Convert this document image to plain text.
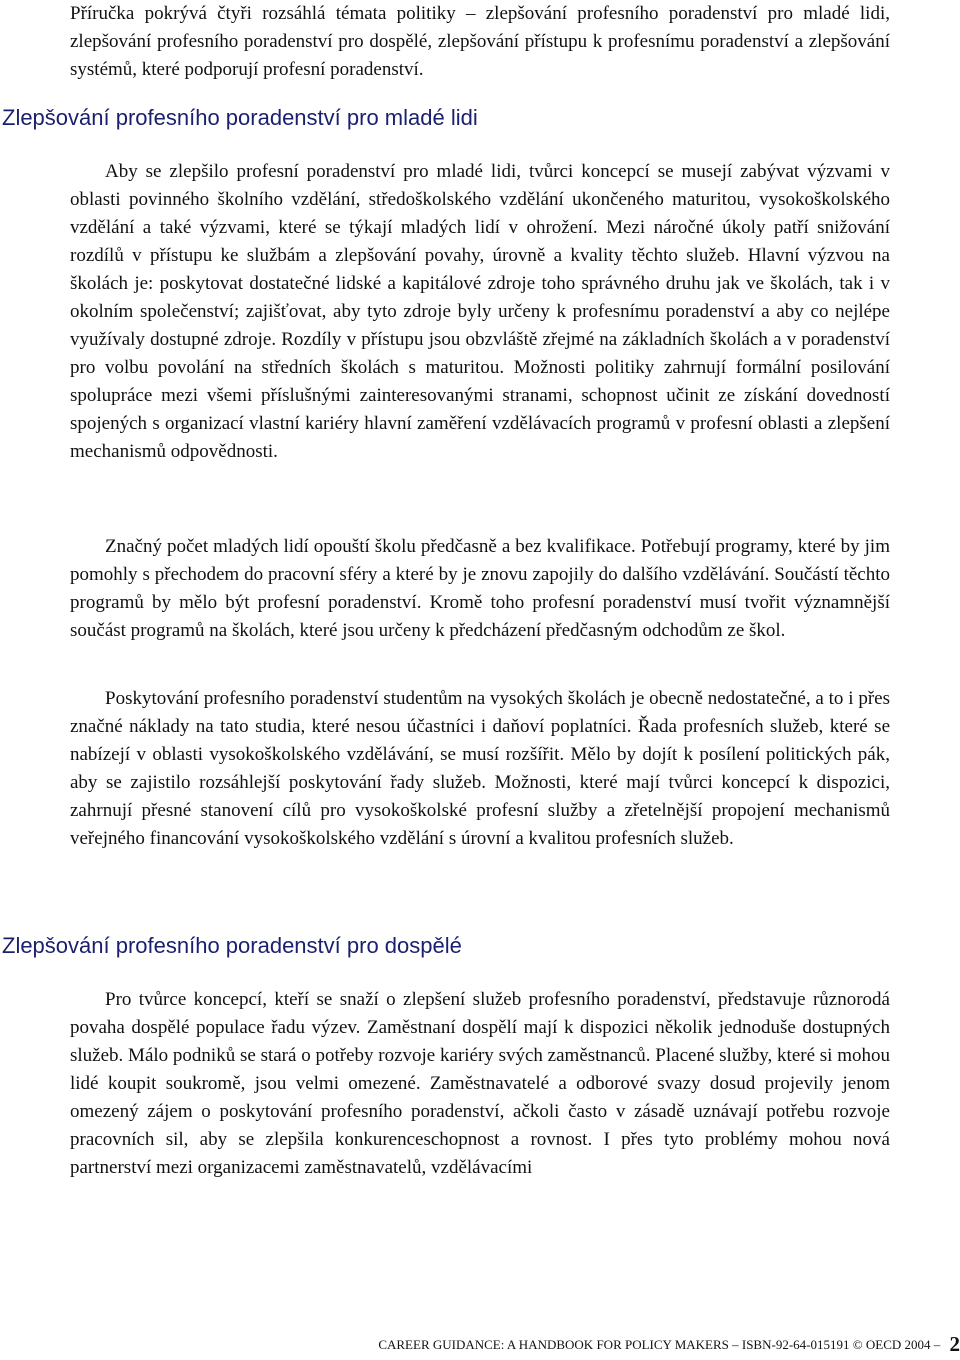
Příručka pokrývá čtyři rozsáhlá témata politiky – zlepšování profesního poradenství pro mladé lidi, zlepšování profesního poradenství pro dospělé, zlepšování přístupu k profesnímu poradenství a zlepšování systémů, které podporují profesní poradenství.

Zlepšování profesního poradenství pro mladé lidi

Aby se zlepšilo profesní poradenství pro mladé lidi, tvůrci koncepcí se musejí zabývat výzvami v oblasti povinného školního vzdělání, středoškolského vzdělání ukončeného maturitou, vysokoškolského vzdělání a také výzvami, které se týkají mladých lidí v ohrožení. Mezi náročné úkoly patří snižování rozdílů v přístupu ke službám a zlepšování povahy, úrovně a kvality těchto služeb. Hlavní výzvou na školách je: poskytovat dostatečné lidské a kapitálové zdroje toho správného druhu jak ve školách, tak i v okolním společenství; zajišťovat, aby tyto zdroje byly určeny k profesnímu poradenství a aby co nejlépe využívaly dostupné zdroje. Rozdíly v přístupu jsou obzvláště zřejmé na základních školách a v poradenství pro volbu povolání na středních školách s maturitou. Možnosti politiky zahrnují formální posilování spolupráce mezi všemi příslušnými zainteresovanými stranami, schopnost učinit ze získání dovedností spojených s organizací vlastní kariéry hlavní zaměření vzdělávacích programů v profesní oblasti a zlepšení mechanismů odpovědnosti.

Značný počet mladých lidí opouští školu předčasně a bez kvalifikace. Potřebují programy, které by jim pomohly s přechodem do pracovní sféry a které by je znovu zapojily do dalšího vzdělávání. Součástí těchto programů by mělo být profesní poradenství. Kromě toho profesní poradenství musí tvořit významnější součást programů na školách, které jsou určeny k předcházení předčasným odchodům ze škol.

Poskytování profesního poradenství studentům na vysokých školách je obecně nedostatečné, a to i přes značné náklady na tato studia, které nesou účastníci i daňoví poplatníci. Řada profesních služeb, které se nabízejí v oblasti vysokoškolského vzdělávání, se musí rozšířit. Mělo by dojít k posílení politických pák, aby se zajistilo rozsáhlejší poskytování řady služeb. Možnosti, které mají tvůrci koncepcí k dispozici, zahrnují přesné stanovení cílů pro vysokoškolské profesní služby a zřetelnější propojení mechanismů veřejného financování vysokoškolského vzdělání s úrovní a kvalitou profesních služeb.

Zlepšování profesního poradenství pro dospělé

Pro tvůrce koncepcí, kteří se snaží o zlepšení služeb profesního poradenství, představuje různorodá povaha dospělé populace řadu výzev. Zaměstnaní dospělí mají k dispozici několik jednoduše dostupných služeb. Málo podniků se stará o potřeby rozvoje kariéry svých zaměstnanců. Placené služby, které si mohou lidé koupit soukromě, jsou velmi omezené. Zaměstnavatelé a odborové svazy dosud projevily jenom omezený zájem o poskytování profesního poradenství, ačkoli často v zásadě uznávají potřebu rozvoje pracovních sil, aby se zlepšila konkurenceschopnost a rovnost. I přes tyto problémy mohou nová partnerství mezi organizacemi zaměstnavatelů, vzdělávacími

CAREER GUIDANCE: A HANDBOOK FOR POLICY MAKERS – ISBN-92-64-015191 © OECD 2004 – 2
